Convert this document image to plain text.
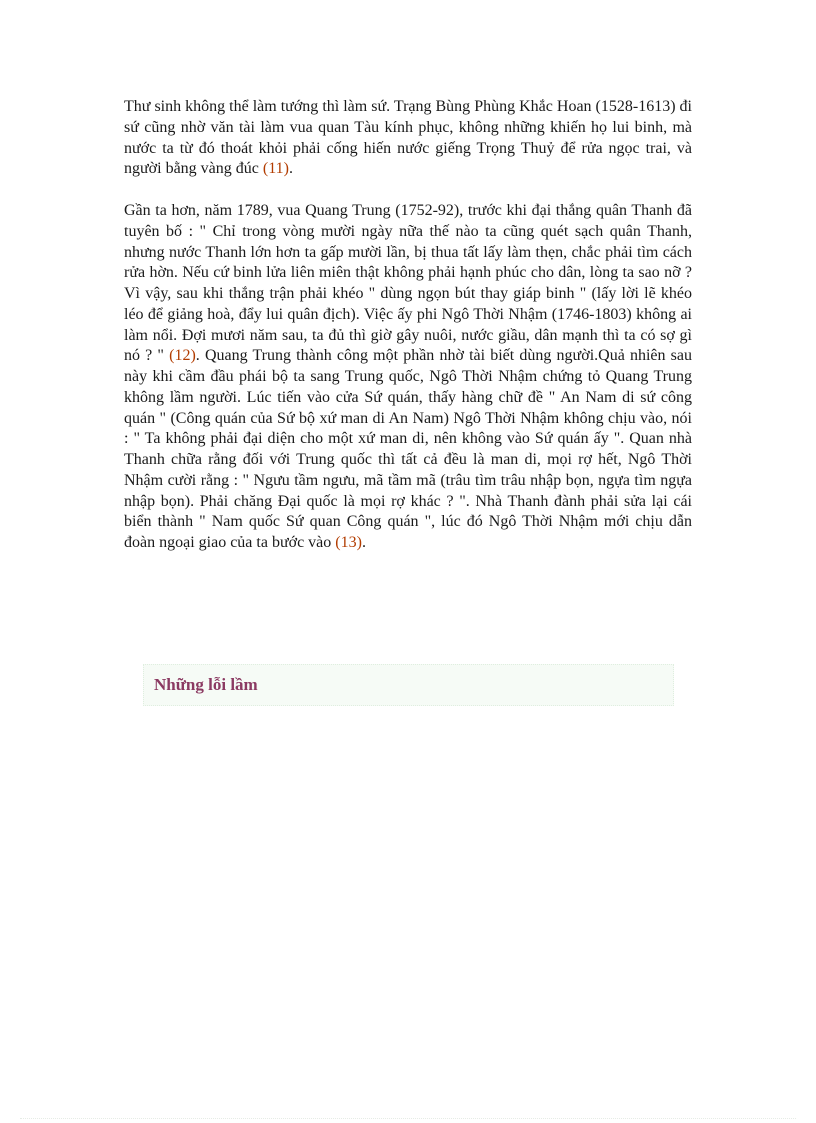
Thư sinh không thể làm tướng thì làm sứ. Trạng Bùng Phùng Khắc Hoan (1528-1613) đi sứ cũng nhờ văn tài làm vua quan Tàu kính phục, không những khiến họ lui binh, mà nước ta từ đó thoát khỏi phải cống hiến nước giếng Trọng Thuỷ để rửa ngọc trai, và người bằng vàng đúc (11).

Gần ta hơn, năm 1789, vua Quang Trung (1752-92), trước khi đại thắng quân Thanh đã tuyên bố : " Chỉ trong vòng mười ngày nữa thế nào ta cũng quét sạch quân Thanh, nhưng nước Thanh lớn hơn ta gấp mười lần, bị thua tất lấy làm thẹn, chắc phải tìm cách rửa hờn. Nếu cứ binh lửa liên miên thật không phải hạnh phúc cho dân, lòng ta sao nỡ ? Vì vậy, sau khi thắng trận phải khéo " dùng ngọn bút thay giáp binh " (lấy lời lẽ khéo léo để giảng hoà, đẩy lui quân địch). Việc ấy phi Ngô Thời Nhậm (1746-1803) không ai làm nổi. Đợi mươi năm sau, ta đủ thì giờ gây nuôi, nước giầu, dân mạnh thì ta có sợ gì nó ? " (12). Quang Trung thành công một phần nhờ tài biết dùng người.Quả nhiên sau này khi cầm đầu phái bộ ta sang Trung quốc, Ngô Thời Nhậm chứng tỏ Quang Trung không lầm người. Lúc tiến vào cửa Sứ quán, thấy hàng chữ đề " An Nam di sứ công quán " (Công quán của Sứ bộ xứ man di An Nam) Ngô Thời Nhậm không chịu vào, nói : " Ta không phải đại diện cho một xứ man di, nên không vào Sứ quán ấy ". Quan nhà Thanh chữa rằng đối với Trung quốc thì tất cả đều là man di, mọi rợ hết, Ngô Thời Nhậm cười rằng : " Ngưu tầm ngưu, mã tầm mã (trâu tìm trâu nhập bọn, ngựa tìm ngựa nhập bọn). Phải chăng Đại quốc là mọi rợ khác ? ". Nhà Thanh đành phải sửa lại cái biển thành " Nam quốc Sứ quan Công quán ", lúc đó Ngô Thời Nhậm mới chịu dẫn đoàn ngoại giao của ta bước vào (13).

Những lỗi lầm
